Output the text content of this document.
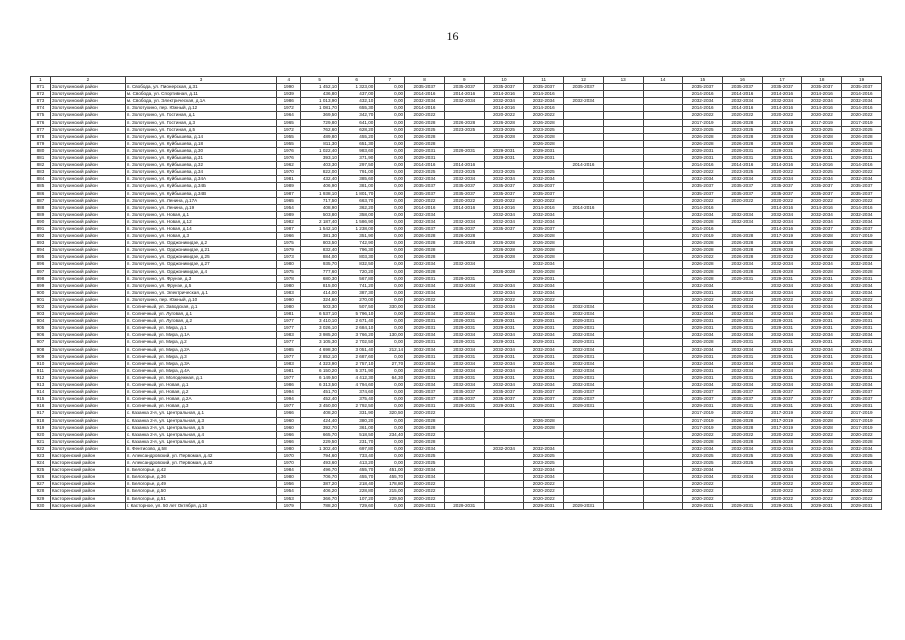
16
1	2	3	4	5	6	7	8	9	10	11	12	13	14	15	16	17	18	19
871	Золотухинский район	п. Свобода, ул. Пионерская, д.31	1990	1 452,10	1 323,00	0,00	2035-2037	2035-2037	2035-2037	2035-2037	2035-2037			2035-2037	2035-2037	2035-2037	2035-2037	2035-2037
872	Золотухинский район	м. Свобода, ул. Спортивная, д.11	1939	436,80	437,00	0,00	2014-2016	2014-2016	2014-2016	2014-2016				2014-2016	2014-2016	2014-2016	2014-2016	2014-2016
873	Золотухинский район	м. Свобода, ул. Электрическая, д.1А	1986	1 013,90	432,10	0,00	2032-2034	2032-2034	2032-2034	2032-2034	2032-2034			2032-2034	2032-2034	2032-2034	2032-2034	2032-2034
874	Золотухинский район	п. Золотухино, пер. Южный, д.12	1972	1 081,70	655,30	0,00	2014-2016		2014-2016	2014-2016				2014-2016	2014-2016	2014-2016	2014-2016	2014-2016
875	Золотухинский район	п. Золотухино, ул. Гостиная, д.1	1964	369,50	342,70	0,00	2020-2022		2020-2022	2020-2022				2020-2022	2020-2022	2020-2022	2020-2022	2020-2022
876	Золотухинский район	п. Золотухино, ул. Гостиная, д.3	1965	729,80	641,00	0,00	2026-2028	2026-2028	2026-2028	2026-2028				2017-2019	2026-2028	2017-2019	2017-2019	2017-2019
877	Золотухинский район	п. Золотухино, ул. Гостиная, д.5	1972	762,60	628,20	0,00	2023-2025	2023-2025	2023-2025	2023-2025				2023-2025	2023-2025	2023-2025	2023-2025	2023-2025
878	Золотухинский район	п. Золотухино, ул. Куйбышева, д.14	1955	489,80	455,20	0,00	2026-2028		2026-2028	2026-2028				2026-2028	2026-2028	2026-2028	2026-2028	2026-2028
879	Золотухинский район	п. Золотухино, ул. Куйбышева, д.18	1955	811,30	651,30	0,00	2026-2028			2026-2028				2026-2028	2026-2028	2026-2028	2026-2028	2026-2028
880	Золотухинский район	п. Золотухино, ул. Куйбышева, д.30	1976	1 022,40	983,60	0,00	2029-2031	2029-2031	2029-2031	2029-2031				2029-2031	2029-2031	2029-2031	2029-2031	2029-2031
881	Золотухинский район	п. Золотухино, ул. Куйбышева, д.31	1976	393,10	371,90	0,00	2029-2031		2029-2031	2029-2031				2029-2031	2029-2031	2029-2031	2029-2031	2029-2031
882	Золотухинский район	п. Золотухино, ул. Куйбышева, д.32	1962	403,30	297,50	0,00	2014-2016	2014-2016			2014-2016			2014-2016	2014-2016	2014-2016	2014-2016	2014-2016
883	Золотухинский район	п. Золотухино, ул. Куйбышева, д.34	1970	822,00	791,00	0,00	2023-2025	2023-2025	2023-2025	2023-2025				2020-2022	2023-2025	2020-2022	2023-2025	2020-2022
884	Золотухинский район	п. Золотухино, ул. Куйбышева, д.34А	1981	432,40	385,60	0,00	2032-2034	2032-2034	2032-2034	2032-2034				2032-2034	2032-2034	2032-2034	2032-2034	2032-2034
885	Золотухинский район	п. Золотухино, ул. Куйбышева, д.34Б	1989	406,90	381,00	0,00	2035-2037	2035-2037	2035-2037	2035-2037				2035-2037	2035-2037	2035-2037	2035-2037	2035-2037
886	Золотухинский район	п. Золотухино, ул. Куйбышева, д.34В	1987	1 938,10	1 801,70	0,00	2035-2037	2035-2037	2035-2037	2035-2037				2035-2037	2035-2037	2035-2037	2035-2037	2035-2037
887	Золотухинский район	п. Золотухино, ул. Ленина, д.17А	1965	717,50	663,70	0,00	2020-2022	2020-2022	2020-2022	2020-2022				2020-2022	2020-2022	2020-2022	2020-2022	2020-2022
888	Золотухинский район	п. Золотухино, ул. Ленина, д.19	1954	408,90	362,20	0,00	2014-2016	2014-2016	2014-2016	2014-2016	2014-2016			2014-2016		2014-2016	2014-2016	2014-2016
889	Золотухинский район	п. Золотухино, ул. Новая, д.1	1989	503,80	358,00	0,00	2032-2034		2032-2034	2032-2034				2032-2034	2032-2034	2032-2034	2032-2034	2032-2034
890	Золотухинский район	п. Золотухино, ул. Новая, д.12	1982	2 187,40	1 586,90	0,00	2032-2034	2032-2034	2032-2034	2032-2034				2026-2028	2032-2034	2032-2034	2032-2034	2032-2034
891	Золотухинский район	п. Золотухино, ул. Новая, д.14	1987	1 542,10	1 238,00	0,00	2035-2037	2035-2037	2035-2037	2035-2037				2014-2016		2014-2016	2035-2037	2035-2037
892	Золотухинский район	п. Золотухино, ул. Новая, д.3	1966	381,30	351,90	0,00	2026-2028	2026-2028		2026-2028				2017-2019	2026-2028	2017-2019	2026-2028	2017-2019
893	Золотухинский район	п. Золотухино, ул. Орджоникидзе, д.2	1975	803,50	742,90	0,00	2026-2028	2026-2028	2026-2028	2026-2028				2026-2028	2026-2028	2026-2028	2026-2028	2026-2028
894	Золотухинский район	п. Золотухино, ул. Орджоникидзе, д.21	1979	832,40	796,30	0,00	2026-2028		2026-2028	2026-2028				2026-2028	2026-2028	2026-2028	2026-2028	2026-2028
895	Золотухинский район	п. Золотухино, ул. Орджоникидзе, д.25	1973	884,00	803,30	0,00	2026-2028		2026-2028	2026-2028				2020-2022	2026-2028	2020-2022	2020-2022	2020-2022
896	Золотухинский район	п. Золотухино, ул. Орджоникидзе, д.27	1980	935,70	832,50	0,00	2032-2034	2032-2034		2032-2034				2026-2028	2032-2034	2032-2034	2032-2034	2032-2034
897	Золотухинский район	п. Золотухино, ул. Орджоникидзе, д.4	1975	777,60	720,20	0,00	2026-2028		2026-2028	2026-2028				2026-2028	2026-2028	2026-2028	2026-2028	2026-2028
898	Золотухинский район	п. Золотухино, ул. Фрунзе, д.3	1978	680,30	567,80	0,00	2029-2031	2029-2031		2029-2031				2026-2028	2029-2031	2029-2031	2029-2031	2029-2031
899	Золотухинский район	п. Золотухино, ул. Фрунзе, д.5	1980	815,00	741,20	0,00	2032-2034	2032-2034	2032-2034	2032-2034				2032-2034		2032-2034	2032-2034	2032-2034
900	Золотухинский район	п. Золотухино, ул. Электрическая, д.1	1983	414,00	387,30	0,00	2032-2034		2032-2034	2032-2034				2029-2031	2032-2034	2032-2034	2032-2034	2032-2034
901	Золотухинский район	п. Золотухино, пер. Южный, д.10	1990	324,60	270,00	0,00	2020-2022		2020-2022	2020-2022				2020-2022	2020-2022	2020-2022	2020-2022	2020-2022
902	Золотухинский район	п. Солнечный, ул. Заводская, д.1	1980	503,30	507,50	330,00	2032-2034		2032-2034	2032-2034	2032-2034			2032-2034	2032-2034	2032-2034	2032-2034	2032-2034
903	Золотухинский район	п. Солнечный, ул. Луговая, д.1	1981	6 537,10	5 796,10	0,00	2032-2034	2032-2034	2032-2034	2032-2034	2032-2034			2032-2034	2032-2034	2032-2034	2032-2034	2032-2034
904	Золотухинский район	п. Солнечный, ул. Луговая, д.2	1977	3 410,10	2 671,40	0,00	2029-2031	2029-2031	2029-2031	2029-2031	2029-2031			2029-2031	2029-2031	2029-2031	2029-2031	2029-2031
905	Золотухинский район	п. Солнечный, ул. Мира, д.1	1977	3 026,10	2 684,10	0,00	2029-2031	2029-2031	2029-2031	2029-2031	2029-2031			2029-2031	2029-2031	2029-2031	2029-2031	2029-2031
906	Золотухинский район	п. Солнечный, ул. Мира, д.1А	1983	3 985,20	3 766,20	130,00	2032-2034	2032-2034	2032-2034	2032-2034	2032-2034			2032-2034	2032-2034	2032-2034	2032-2034	2032-2034
907	Золотухинский район	п. Солнечный, ул. Мира, д.2	1977	3 105,30	2 702,50	0,00	2029-2031	2029-2031	2029-2031	2029-2031	2029-2031			2026-2028	2029-2031	2029-2031	2029-2031	2029-2031
908	Золотухинский район	п. Солнечный, ул. Мира, д.2А	1985	4 698,30	3 051,40	212,14	2032-2034	2032-2034	2032-2034	2032-2034	2032-2034			2032-2034	2032-2034	2032-2034	2032-2034	2032-2034
909	Золотухинский район	п. Солнечный, ул. Мира, д.3	1977	2 852,10	2 687,60	0,00	2029-2031	2029-2031	2029-2031	2029-2031	2029-2031			2029-2031	2029-2031	2029-2031	2029-2031	2029-2031
910	Золотухинский район	п. Солнечный, ул. Мира, д.3А	1983	4 323,90	2 757,10	27,70	2032-2034	2032-2034	2032-2034	2032-2034	2032-2034			2032-2034	2032-2034	2032-2034	2032-2034	2032-2034
911	Золотухинский район	п. Солнечный, ул. Мира, д.4А	1981	6 150,20	5 371,90	0,00	2032-2034	2032-2034	2032-2034	2032-2034	2032-2034			2029-2031	2032-2034	2032-2034	2032-2034	2032-2034
912	Золотухинский район	п. Солнечный, ул. Молодежная, д.1	1977	6 149,50	4 412,30	64,30	2029-2031	2029-2031	2029-2031	2029-2031	2029-2031			2029-2031	2029-2031	2029-2031	2029-2031	2029-2031
913	Золотухинский район	п. Солнечный, ул. Новая, д.1	1986	6 313,50	4 794,60	0,00	2032-2034	2032-2034	2032-2034	2032-2034	2032-2034			2032-2034	2032-2034	2032-2034	2032-2034	2032-2034
914	Золотухинский район	п. Солнечный, ул. Новая, д.2	1994	451,70	374,60	0,00	2035-2037	2035-2037	2035-2037	2035-2037	2035-2037			2035-2037	2035-2037	2035-2037	2035-2037	2035-2037
915	Золотухинский район	п. Солнечный, ул. Новая, д.2А	1994	452,40	375,40	0,00	2035-2037	2035-2037	2035-2037	2035-2037	2035-2037			2035-2037	2035-2037	2035-2037	2035-2037	2035-2037
916	Золотухинский район	п. Солнечный, ул. Новая, д.3	1977	3 450,00	2 792,50	0,00	2029-2031	2029-2031	2029-2031	2029-2031	2029-2031			2029-2031	2029-2031	2029-2031	2029-2031	2029-2031
917	Золотухинский район	с. Казанка 2-я, ул. Центральная, д.1	1966	408,20	331,90	320,50	2020-2022							2017-2019	2020-2022	2017-2019	2020-2022	2017-2019
918	Золотухинский район	с. Казанка 2-я, ул. Центральная, д.3	1960	424,40	380,20	0,00	2026-2028			2026-2028				2017-2019	2026-2028	2017-2019	2026-2028	2017-2019
919	Золотухинский район	с. Казанка 2-я, ул. Центральная, д.5	1960	392,70	361,00	0,00	2026-2028			2026-2028				2017-2019	2026-2028	2017-2019	2026-2028	2017-2019
920	Золотухинский район	с. Казанка 2-я, ул. Центральная, д.4	1966	665,70	518,50	234,40	2020-2022							2020-2022	2020-2022	2020-2022	2020-2022	2020-2022
921	Золотухинский район	с. Казанка 2-я, ул. Центральная, д.6	1966	229,50	231,70	0,00	2026-2028							2026-2028	2026-2028	2026-2028	2026-2028	2026-2028
922	Золотухинский район	п. Фентисово, д.58	1980	1 302,40	697,80	0,00	2032-2034		2032-2034	2032-2034				2032-2034	2032-2034	2032-2034	2032-2034	2032-2034
923	Касторенский район	п. Александровский, ул. Первомая, д.42	1970	794,60	733,40	0,00	2023-2025			2023-2025				2023-2025	2023-2025	2023-2025	2023-2025	2023-2025
924	Касторенский район	п. Александровский, ул. Первомая, д.42	1970	493,60	413,20	0,00	2023-2025			2023-2025				2023-2025	2023-2025	2023-2025	2023-2025	2023-2025
925	Касторенский район	п. Белогорье, д.42	1984	496,70	455,70	451,00	2032-2034			2032-2034				2032-2034		2032-2034	2032-2034	2032-2034
926	Касторенский район	п. Белогорье, д.36	1980	706,70	455,70	455,70	2032-2034			2032-2034				2032-2034	2032-2034	2032-2034	2032-2034	2032-2034
927	Касторенский район	п. Белогорье, д.49	1956	387,20	218,40	178,80	2020-2022			2020-2022				2020-2022		2020-2022	2020-2022	2020-2022
928	Касторенский район	п. Белогорье, д.50	1954	406,20	228,80	215,00	2020-2022			2020-2022				2020-2022		2020-2022	2020-2022	2020-2022
929	Касторенский район	п. Белогорье, д.51	1953	366,70	107,20	229,50	2020-2022			2020-2022				2020-2022		2020-2022	2020-2022	2020-2022
930	Касторенский район	г. Касторное, ул. 50 лет Октября, д.10	1979	788,20	729,60	0,00	2029-2031	2029-2031		2029-2031	2029-2031			2029-2031	2029-2031	2029-2031	2029-2031	2029-2031
